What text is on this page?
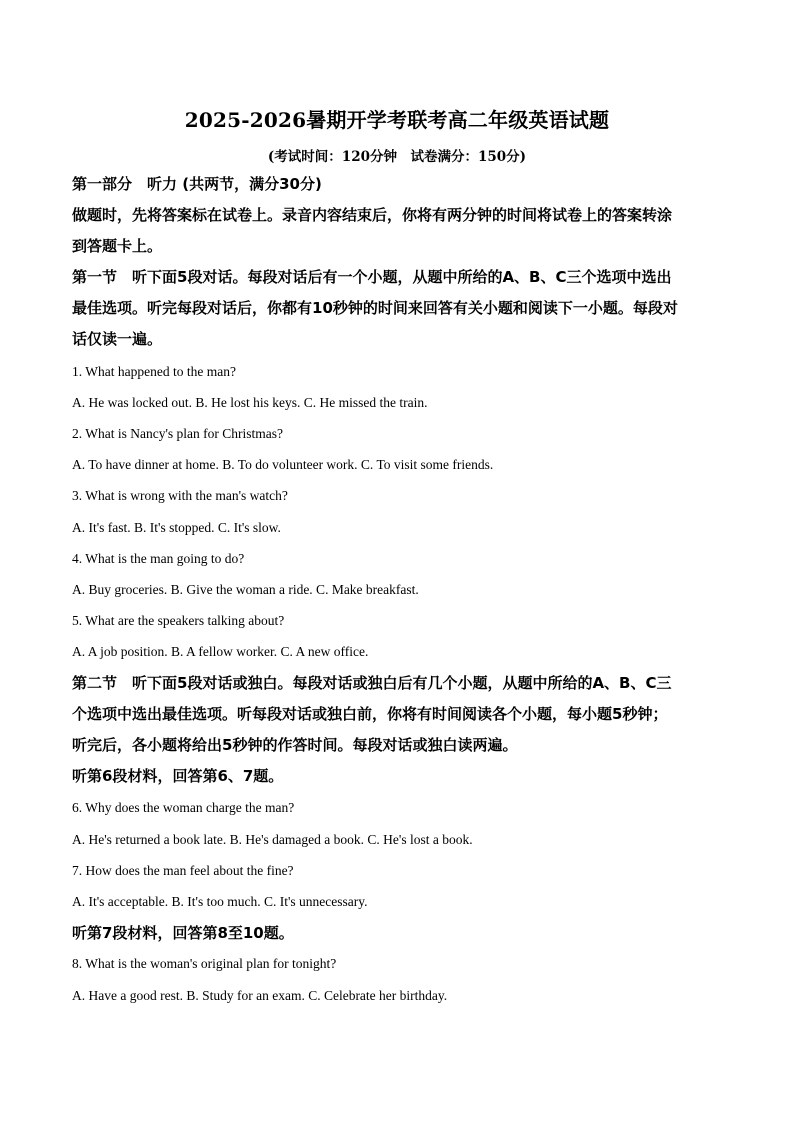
2025-2026暑期开学考联考高二年级英语试题
(考试时间：120分钟　试卷满分：150分)
第一部分　听力 (共两节，满分30分)
做题时，先将答案标在试卷上。录音内容结束后，你将有两分钟的时间将试卷上的答案转涂
到答题卡上。
第一节　听下面5段对话。每段对话后有一个小题，从题中所给的A、B、C三个选项中选出
最佳选项。听完每段对话后，你都有10秒钟的时间来回答有关小题和阅读下一小题。每段对
话仅读一遍。
1. What happened to the man?
A. He was locked out. B. He lost his keys. C. He missed the train.
2. What is Nancy's plan for Christmas?
A. To have dinner at home. B. To do volunteer work. C. To visit some friends.
3. What is wrong with the man's watch?
A. It's fast. B. It's stopped. C. It's slow.
4. What is the man going to do?
A. Buy groceries. B. Give the woman a ride. C. Make breakfast.
5. What are the speakers talking about?
A. A job position. B. A fellow worker. C. A new office.
第二节　听下面5段对话或独白。每段对话或独白后有几个小题，从题中所给的A、B、C三
个选项中选出最佳选项。听每段对话或独白前，你将有时间阅读各个小题，每小题5秒钟；
听完后，各小题将给出5秒钟的作答时间。每段对话或独白读两遍。
听第6段材料，回答第6、7题。
6. Why does the woman charge the man?
A. He's returned a book late. B. He's damaged a book. C. He's lost a book.
7. How does the man feel about the fine?
A. It's acceptable. B. It's too much. C. It's unnecessary.
听第7段材料，回答第8至10题。
8. What is the woman's original plan for tonight?
A. Have a good rest. B. Study for an exam. C. Celebrate her birthday.
